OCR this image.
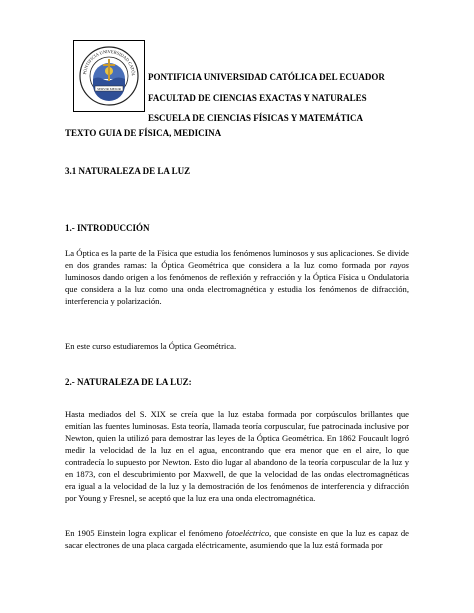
PONTIFICIA UNIVERSIDAD CATÓL
SERVIR MEJOR
PONTIFICIA UNIVERSIDAD CATÓLICA DEL ECUADOR
FACULTAD DE CIENCIAS EXACTAS Y NATURALES
ESCUELA DE CIENCIAS FÍSICAS Y MATEMÁTICA
TEXTO GUIA DE FÍSICA, MEDICINA
3.1 NATURALEZA DE LA LUZ
1.- INTRODUCCIÓN

La Óptica es la parte de la Física que estudia los fenómenos luminosos y sus aplicaciones. Se divide en dos grandes ramas: la Óptica Geométrica que considera a la luz como formada por rayos luminosos dando origen a los fenómenos de reflexión y refracción y la Óptica Física u Ondulatoria que considera a la luz como una onda electromagnética y estudia los fenómenos de difracción, interferencia y polarización.

En este curso estudiaremos la Óptica Geométrica.

2.- NATURALEZA DE LA LUZ:

Hasta mediados del S. XIX se creía que la luz estaba formada por corpúsculos brillantes que emitían las fuentes luminosas. Esta teoría, llamada teoría corpuscular, fue patrocinada inclusive por Newton, quien la utilizó para demostrar las leyes de la Óptica Geométrica. En 1862 Foucault logró medir la velocidad de la luz en el agua, encontrando que era menor que en el aire, lo que contradecía lo supuesto por Newton. Esto dio lugar al abandono de la teoría corpuscular de la luz y en 1873, con el descubrimiento por Maxwell, de que la velocidad de las ondas electromagnéticas era igual a la velocidad de la luz y la demostración de los fenómenos de interferencia y difracción por Young y Fresnel, se aceptó que la luz era una onda electromagnética.

En 1905 Einstein logra explicar el fenómeno fotoeléctrico, que consiste en que la luz es capaz de sacar electrones de una placa cargada eléctricamente, asumiendo que la luz está formada por
